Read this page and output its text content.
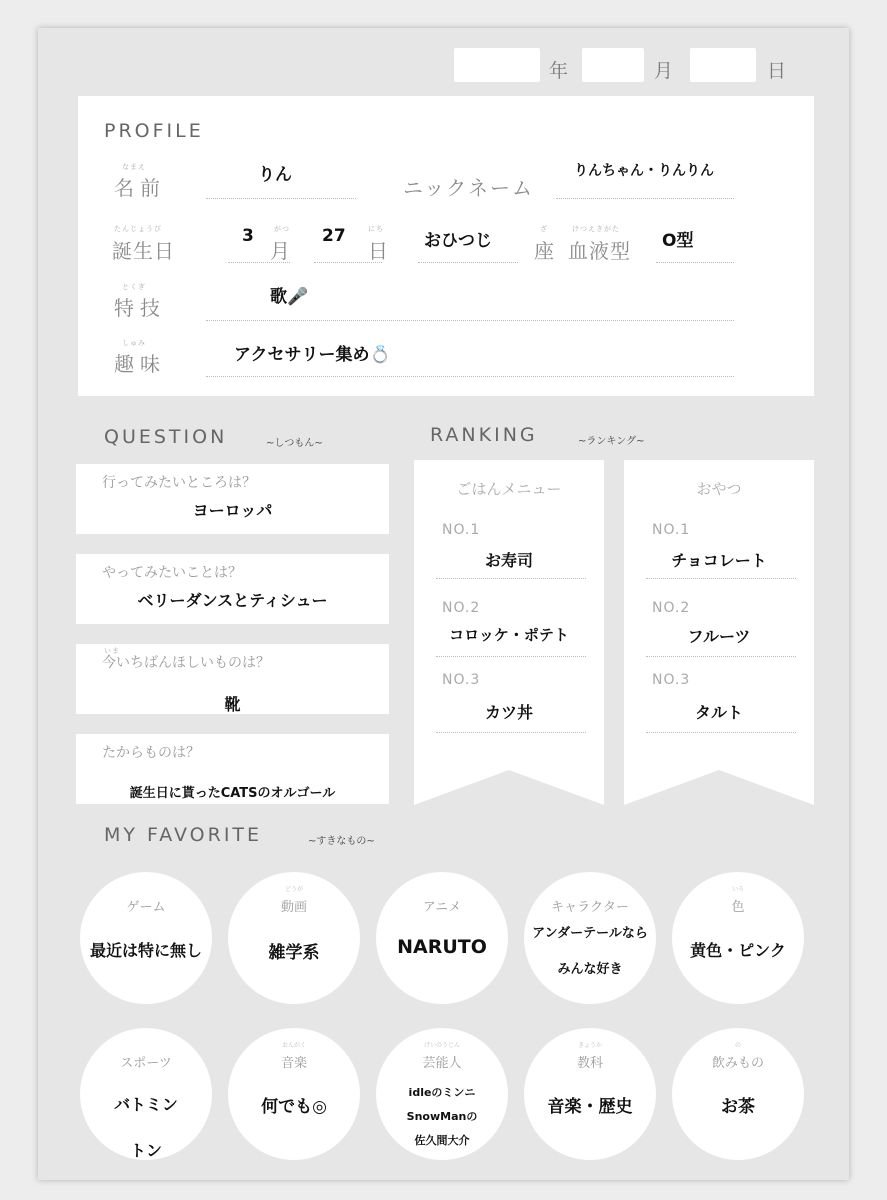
年	月	日
PROFILE
なまえ
名前
りん
ニックネーム
りんちゃん・りんりん
たんじょうび
誕生日
3	がつ
月
27	にち
日 おひつじ
ざ
座
けつえきがた
血液型 O型
とくぎ
特技	歌🎤
しゅみ
趣味	アクセサリー集め💍
QUESTION	~しつもん~
行ってみたいところは？
ヨーロッパ
やってみたいことは？
ベリーダンスとティシュー
いま
今いちばんほしいものは？
靴
たからものは？
誕生日に貰ったCATSのオルゴール
RANKING	~ランキング~
ごはんメニュー
NO.1
お寿司
NO.2
コロッケ・ポテト
NO.3
カツ丼
おやつ
NO.1
チョコレート
NO.2
フルーツ
NO.3
タルト
MY FAVORITE	~すきなもの~
ゲーム
最近は特に無し
どうが
動画
雑学系
アニメ
NARUTO
キャラクター
アンダーテールなら
みんな好き
いろ
色
黄色・ピンク
スポーツ
バトミン
トン
おんがく
音楽
何でも◎
げいのうじん
芸能人
idleのミンニ
SnowManの
佐久間大介
きょうか
教科
音楽・歴史
の
飲みもの
お茶
